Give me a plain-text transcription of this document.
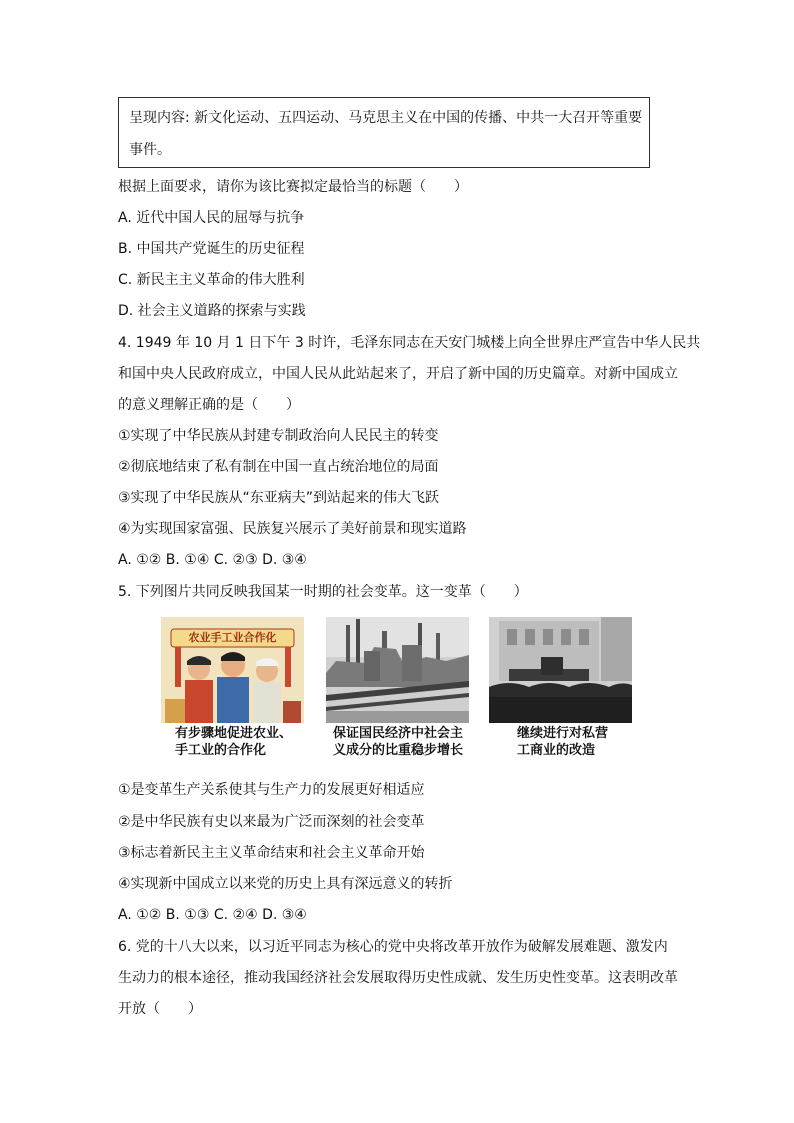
呈现内容: 新文化运动、五四运动、马克思主义在中国的传播、中共一大召开等重要
事件。
根据上面要求，请你为该比赛拟定最恰当的标题（　　）
A. 近代中国人民的屈辱与抗争
B. 中国共产党诞生的历史征程
C. 新民主主义革命的伟大胜利
D. 社会主义道路的探索与实践
4. 1949 年 10 月 1 日下午 3 时许，毛泽东同志在天安门城楼上向全世界庄严宣告中华人民共
和国中央人民政府成立，中国人民从此站起来了，开启了新中国的历史篇章。对新中国成立
的意义理解正确的是（　　）
①实现了中华民族从封建专制政治向人民民主的转变
②彻底地结束了私有制在中国一直占统治地位的局面
③实现了中华民族从“东亚病夫”到站起来的伟大飞跃
④为实现国家富强、民族复兴展示了美好前景和现实道路
A. ①② B. ①④ C. ②③ D. ③④
5. 下列图片共同反映我国某一时期的社会变革。这一变革（　　）
农业手工业合作化
有步骤地促进农业、
手工业的合作化
保证国民经济中社会主
义成分的比重稳步增长
继续进行对私营
工商业的改造
①是变革生产关系使其与生产力的发展更好相适应
②是中华民族有史以来最为广泛而深刻的社会变革
③标志着新民主主义革命结束和社会主义革命开始
④实现新中国成立以来党的历史上具有深远意义的转折
A. ①② B. ①③ C. ②④ D. ③④
6. 党的十八大以来，以习近平同志为核心的党中央将改革开放作为破解发展难题、激发内
生动力的根本途径，推动我国经济社会发展取得历史性成就、发生历史性变革。这表明改革
开放（　　）
